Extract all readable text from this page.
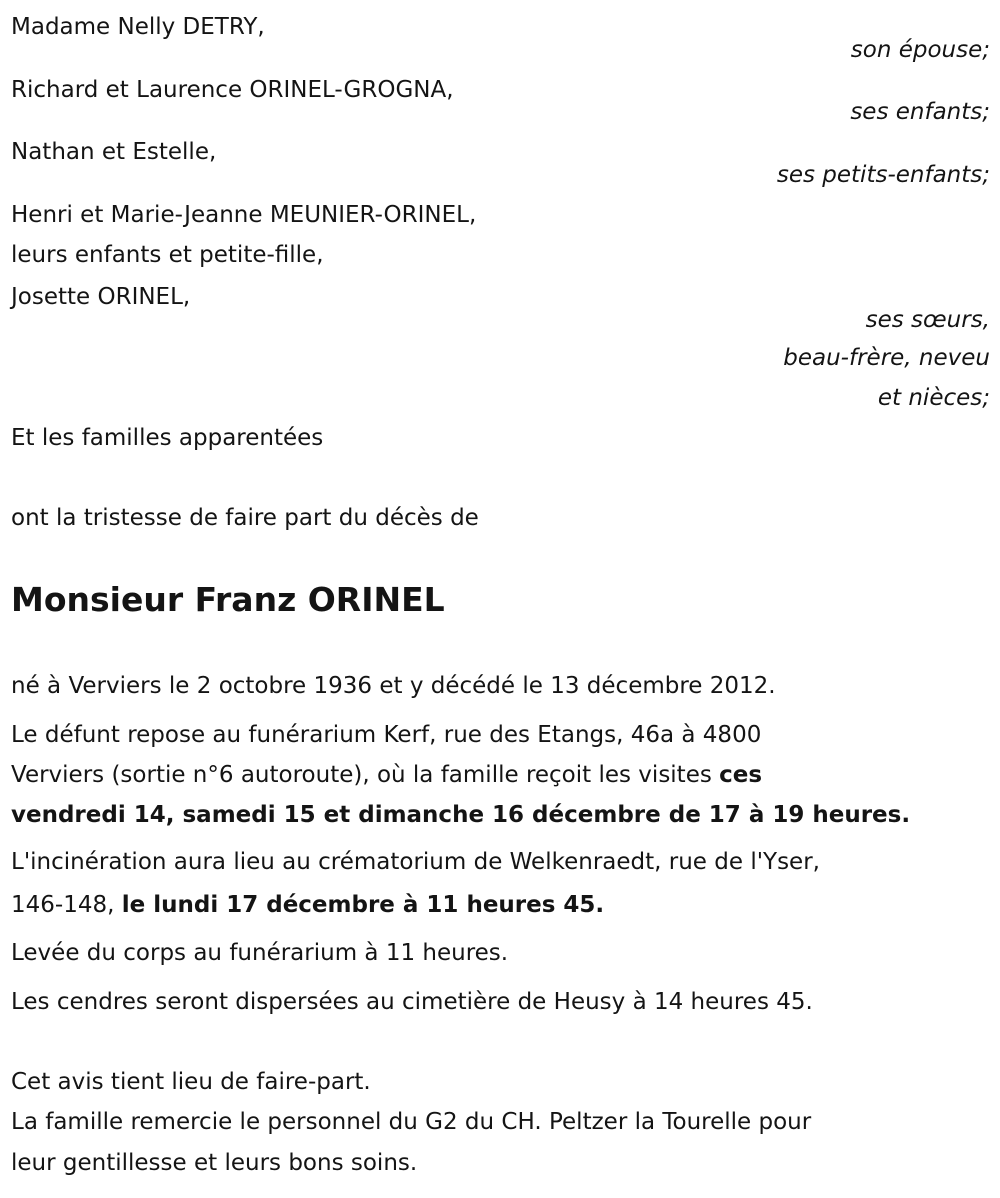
Madame Nelly DETRY,
son épouse;
Richard et Laurence ORINEL-GROGNA,
ses enfants;
Nathan et Estelle,
ses petits-enfants;
Henri et Marie-Jeanne MEUNIER-ORINEL,
leurs enfants et petite-fille,
Josette ORINEL,
ses sœurs,
beau-frère, neveu
et nièces;
Et les familles apparentées
ont la tristesse de faire part du décès de
Monsieur Franz ORINEL
né à Verviers le 2 octobre 1936 et y décédé le 13 décembre 2012.
Le défunt repose au funérarium Kerf, rue des Etangs, 46a à 4800
Verviers (sortie n°6 autoroute), où la famille reçoit les visites ces
vendredi 14, samedi 15 et dimanche 16 décembre de 17 à 19 heures.
L'incinération aura lieu au crématorium de Welkenraedt, rue de l'Yser,
146-148, le lundi 17 décembre à 11 heures 45.
Levée du corps au funérarium à 11 heures.
Les cendres seront dispersées au cimetière de Heusy à 14 heures 45.
Cet avis tient lieu de faire-part.
La famille remercie le personnel du G2 du CH. Peltzer la Tourelle pour
leur gentillesse et leurs bons soins.
